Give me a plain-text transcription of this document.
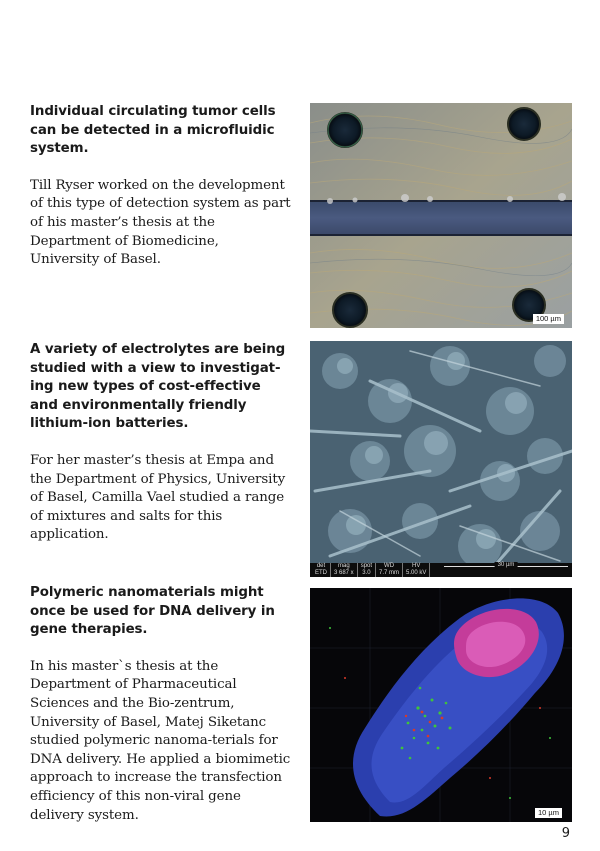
Individual circulating tumor cells can be detected in a microfluidic system.

Till Ryser worked on the development of this type of detection system as part of his master’s thesis at the Department of Biomedicine, University of Basel.

100 µm

A variety of electrolytes are being studied with a view to investigat-ing new types of cost-effective and environmentally friendly lithium-ion batteries.

For her master’s thesis at Empa and the Department of Physics, University of Basel, Camilla Vael studied a range of mixtures and salts for this application.

det
ETD
mag
3 687 x
spot
3.0
WD
7.7 mm
HV
5.00 kV
30 µm

Polymeric nanomaterials might once be used for DNA delivery in gene therapies.

In his master`s thesis at the Department of Pharmaceutical Sciences and the Bio-zentrum, University of Basel, Matej Siketanc studied polymeric nanoma-terials for DNA delivery. He applied a biomimetic approach to increase the transfection efficiency of this non-viral gene delivery system.	10 µm
9
